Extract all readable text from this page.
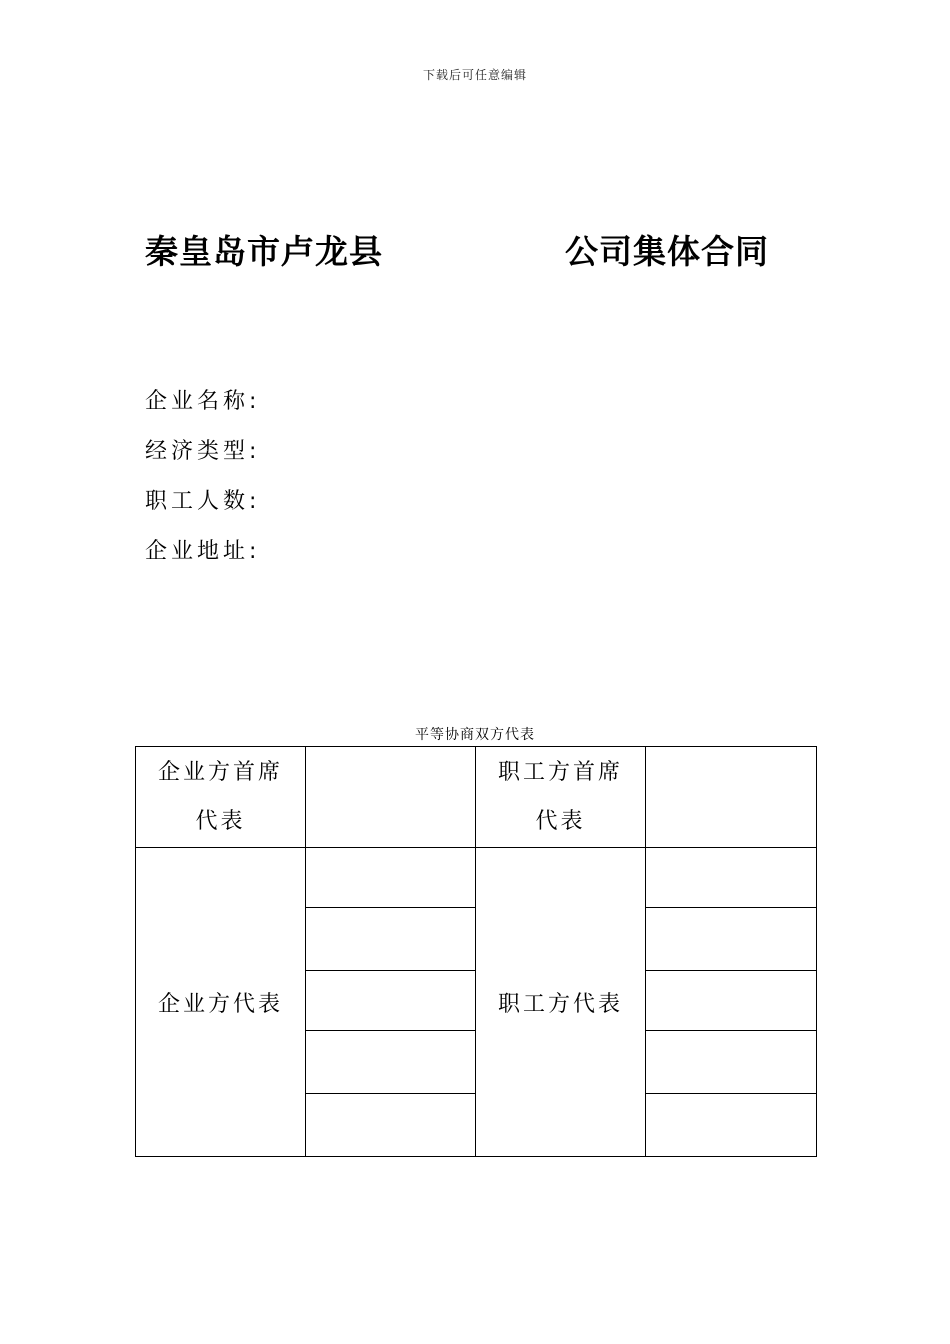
下载后可任意编辑
秦皇岛市卢龙县	公司集体合同
企业名称:
经济类型:
职工人数:
企业地址:
平等协商双方代表
企业方首席代表		职工方首席代表	
企业方代表		职工方代表	
